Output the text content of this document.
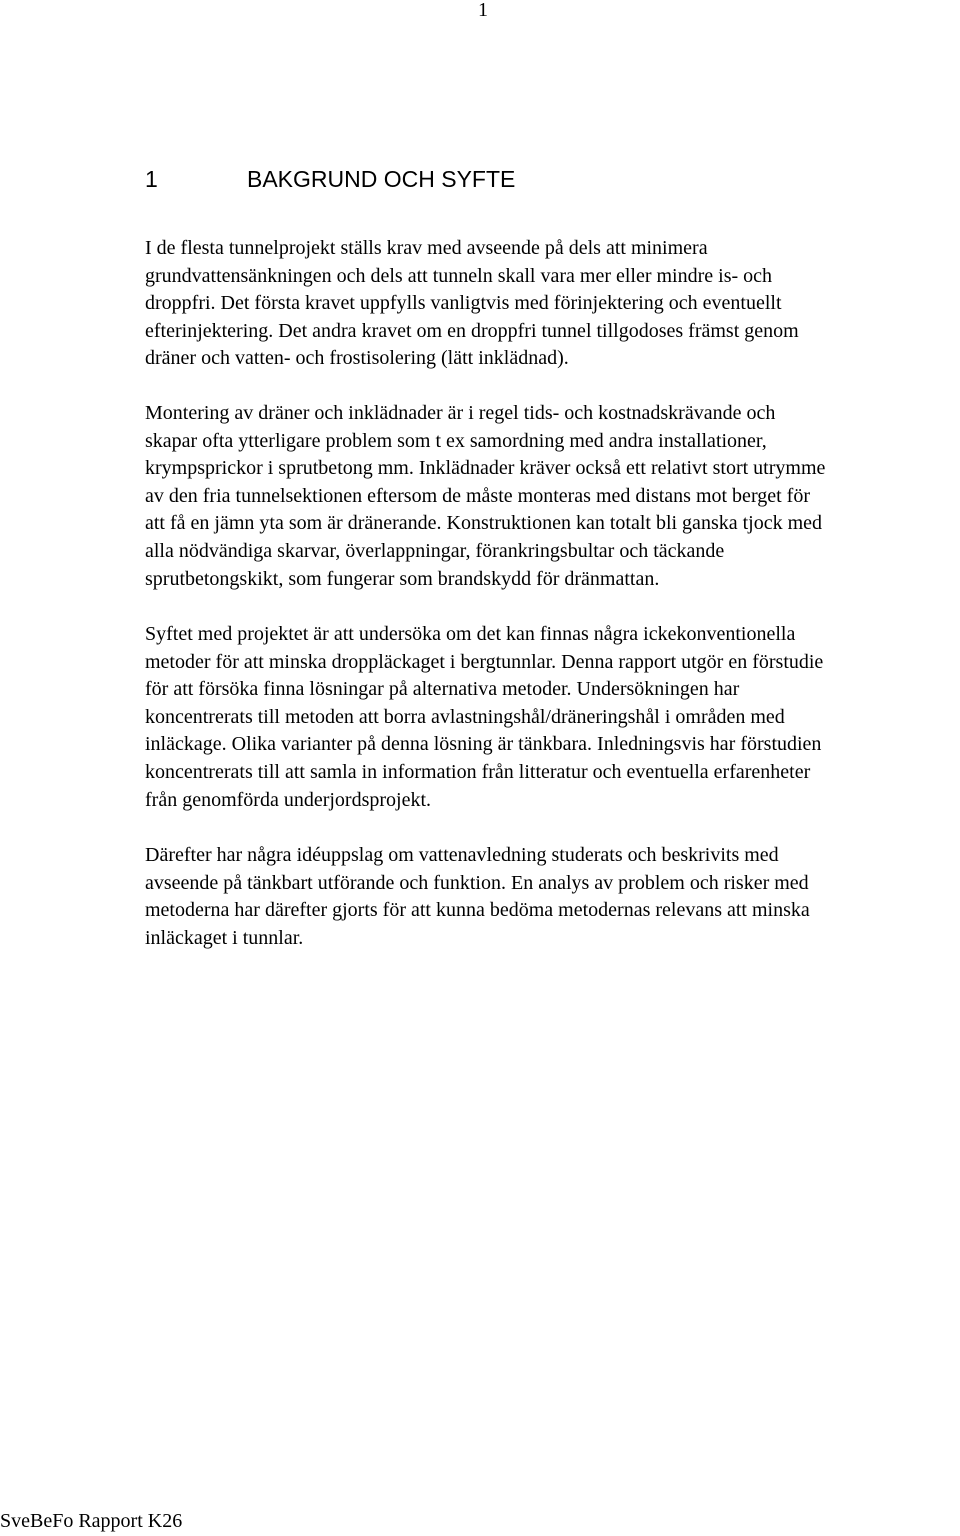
1
1	BAKGRUND OCH SYFTE
I de flesta tunnelprojekt ställs krav med avseende på dels att minimera
grundvattensänkningen och dels att tunneln skall vara mer eller mindre is- och
droppfri. Det första kravet uppfylls vanligtvis med förinjektering och eventuellt
efterinjektering. Det andra kravet om en droppfri tunnel tillgodoses främst genom
dräner och vatten- och frostisolering (lätt inklädnad).
Montering av dräner och inklädnader är i regel tids- och kostnadskrävande och
skapar ofta ytterligare problem som t ex samordning med andra installationer,
krympsprickor i sprutbetong mm. Inklädnader kräver också ett relativt stort utrymme
av den fria tunnelsektionen eftersom de måste monteras med distans mot berget för
att få en jämn yta som är dränerande. Konstruktionen kan totalt bli ganska tjock med
alla nödvändiga skarvar, överlappningar, förankringsbultar och täckande
sprutbetongskikt, som fungerar som brandskydd för dränmattan.
Syftet med projektet är att undersöka om det kan finnas några ickekonventionella
metoder för att minska droppläckaget i bergtunnlar. Denna rapport utgör en förstudie
för att försöka finna lösningar på alternativa metoder. Undersökningen har
koncentrerats till metoden att borra avlastningshål/dräneringshål i områden med
inläckage. Olika varianter på denna lösning är tänkbara. Inledningsvis har förstudien
koncentrerats till att samla in information från litteratur och eventuella erfarenheter
från genomförda underjordsprojekt.
Därefter har några idéuppslag om vattenavledning studerats och beskrivits med
avseende på tänkbart utförande och funktion. En analys av problem och risker med
metoderna har därefter gjorts för att kunna bedöma metodernas relevans att minska
inläckaget i tunnlar.
SveBeFo Rapport K26
